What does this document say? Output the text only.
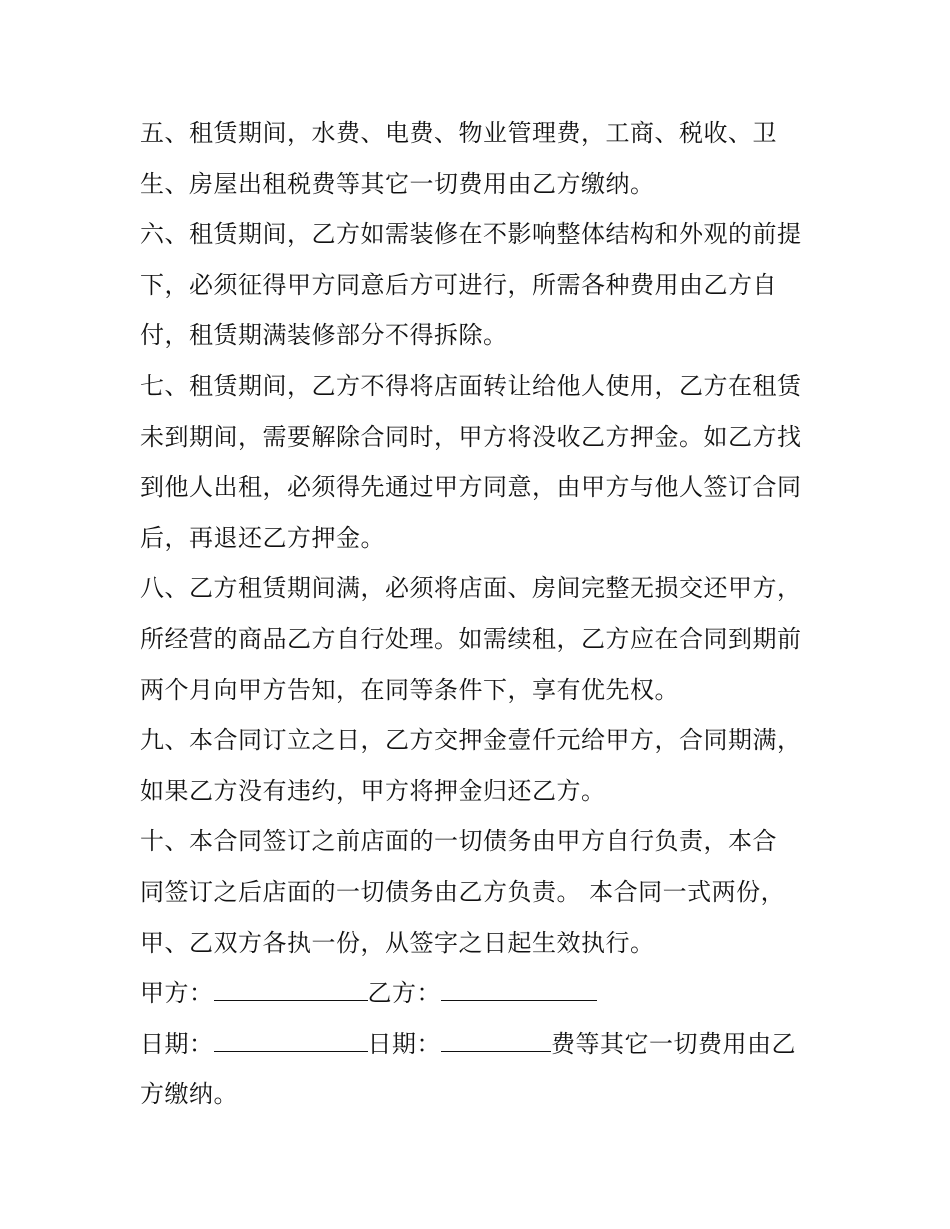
五、租赁期间，水费、电费、物业管理费，工商、税收、卫
生、房屋出租税费等其它一切费用由乙方缴纳。
六、租赁期间，乙方如需装修在不影响整体结构和外观的前提
下，必须征得甲方同意后方可进行，所需各种费用由乙方自
付，租赁期满装修部分不得拆除。
七、租赁期间，乙方不得将店面转让给他人使用，乙方在租赁
未到期间，需要解除合同时，甲方将没收乙方押金。如乙方找
到他人出租，必须得先通过甲方同意，由甲方与他人签订合同
后，再退还乙方押金。
八、乙方租赁期间满，必须将店面、房间完整无损交还甲方，
所经营的商品乙方自行处理。如需续租，乙方应在合同到期前
两个月向甲方告知，在同等条件下，享有优先权。
九、本合同订立之日，乙方交押金壹仟元给甲方，合同期满，
如果乙方没有违约，甲方将押金归还乙方。
十、本合同签订之前店面的一切债务由甲方自行负责，本合
同签订之后店面的一切债务由乙方负责。 本合同一式两份，
甲、乙双方各执一份，从签字之日起生效执行。
甲方：	乙方：
日期：	日期：	费等其它一切费用由乙
方缴纳。
